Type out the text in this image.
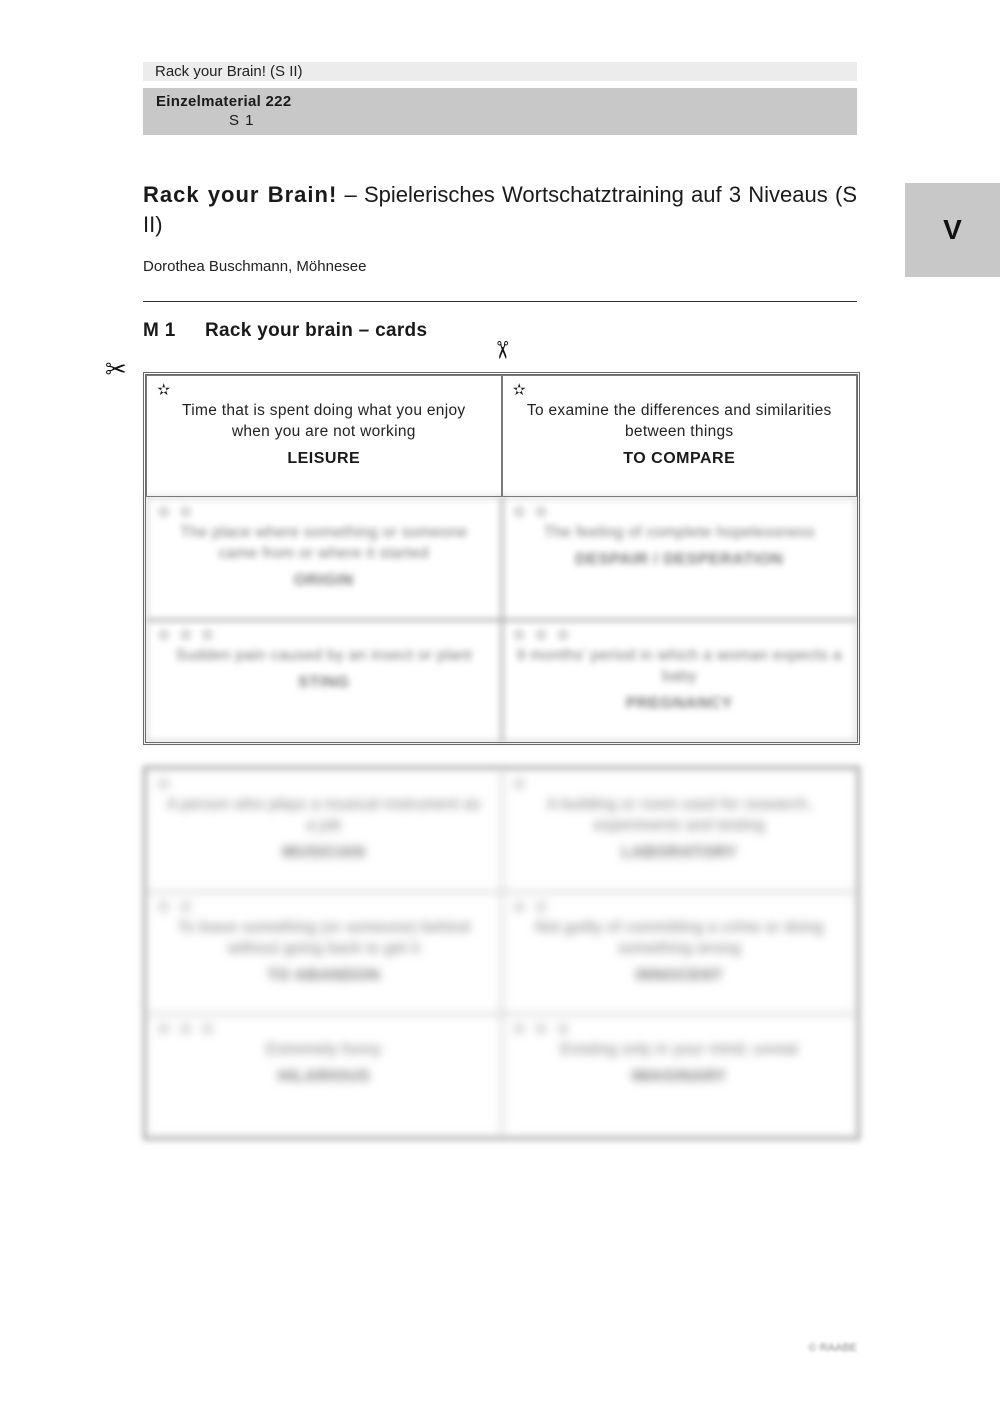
Rack your Brain! (S II)
Einzelmaterial 222
S 1
V
Rack your Brain! – Spielerisches Wortschatztraining auf 3 Niveaus (S II)
Dorothea Buschmann, Möhnesee
M 1 Rack your brain – cards
✂
✂
✫
Time that is spent doing what you enjoy when you are not working
LEISURE
✫
To examine the differences and similarities between things
TO COMPARE
✫ ✫
The place where something or someone came from or where it started
ORIGIN
✫ ✫
The feeling of complete hopelessness
DESPAIR / DESPERATION
✫ ✫ ✫
Sudden pain caused by an insect or plant
STING
✫ ✫ ✫
9 months' period in which a woman expects a baby
PREGNANCY
✫
A person who plays a musical instrument as a job
MUSICIAN
✫
A building or room used for research, experiments and testing
LABORATORY
✫ ✫
To leave something (or someone) behind without going back to get it
TO ABANDON
✫ ✫
Not guilty of committing a crime or doing something wrong
INNOCENT
✫ ✫ ✫
Extremely funny
HILARIOUS
✫ ✫ ✫
Existing only in your mind; unreal
IMAGINARY
© RAABE
